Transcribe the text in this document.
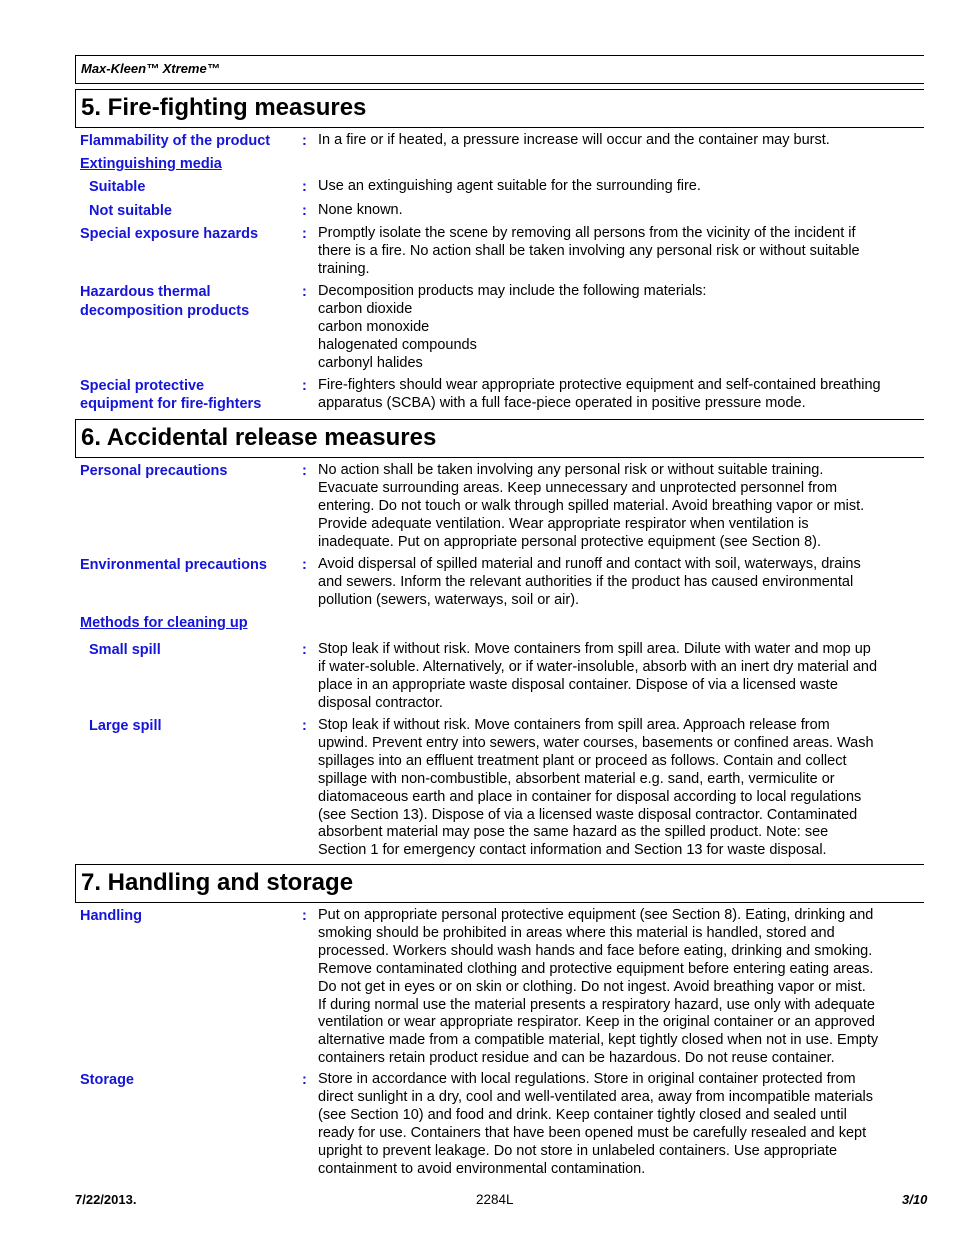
Max-Kleen™ Xtreme™
5. Fire-fighting measures
Flammability of the product : In a fire or if heated, a pressure increase will occur and the container may burst.
Extinguishing media
Suitable	: Use an extinguishing agent suitable for the surrounding fire.
Not suitable	: None known.
Special exposure hazards	: Promptly isolate the scene by removing all persons from the vicinity of the incident if
there is a fire. No action shall be taken involving any personal risk or without suitable
training.
Hazardous thermal
decomposition products
: Decomposition products may include the following materials:
carbon dioxide
carbon monoxide
halogenated compounds
carbonyl halides
Special protective
equipment for fire-fighters
: Fire-fighters should wear appropriate protective equipment and self-contained breathing
apparatus (SCBA) with a full face-piece operated in positive pressure mode.
6. Accidental release measures
Personal precautions	: No action shall be taken involving any personal risk or without suitable training.
Evacuate surrounding areas. Keep unnecessary and unprotected personnel from
entering. Do not touch or walk through spilled material. Avoid breathing vapor or mist.
Provide adequate ventilation. Wear appropriate respirator when ventilation is
inadequate. Put on appropriate personal protective equipment (see Section 8).
Environmental precautions : Avoid dispersal of spilled material and runoff and contact with soil, waterways, drains
and sewers. Inform the relevant authorities if the product has caused environmental
pollution (sewers, waterways, soil or air).
Methods for cleaning up
Small spill	: Stop leak if without risk. Move containers from spill area. Dilute with water and mop up
if water-soluble. Alternatively, or if water-insoluble, absorb with an inert dry material and
place in an appropriate waste disposal container. Dispose of via a licensed waste
disposal contractor.
Large spill	: Stop leak if without risk. Move containers from spill area. Approach release from
upwind. Prevent entry into sewers, water courses, basements or confined areas. Wash
spillages into an effluent treatment plant or proceed as follows. Contain and collect
spillage with non-combustible, absorbent material e.g. sand, earth, vermiculite or
diatomaceous earth and place in container for disposal according to local regulations
(see Section 13). Dispose of via a licensed waste disposal contractor. Contaminated
absorbent material may pose the same hazard as the spilled product. Note: see
Section 1 for emergency contact information and Section 13 for waste disposal.
7. Handling and storage
Handling	: Put on appropriate personal protective equipment (see Section 8). Eating, drinking and
smoking should be prohibited in areas where this material is handled, stored and
processed. Workers should wash hands and face before eating, drinking and smoking.
Remove contaminated clothing and protective equipment before entering eating areas.
Do not get in eyes or on skin or clothing. Do not ingest. Avoid breathing vapor or mist.
If during normal use the material presents a respiratory hazard, use only with adequate
ventilation or wear appropriate respirator. Keep in the original container or an approved
alternative made from a compatible material, kept tightly closed when not in use. Empty
containers retain product residue and can be hazardous. Do not reuse container.
Storage	: Store in accordance with local regulations. Store in original container protected from
direct sunlight in a dry, cool and well-ventilated area, away from incompatible materials
(see Section 10) and food and drink. Keep container tightly closed and sealed until
ready for use. Containers that have been opened must be carefully resealed and kept
upright to prevent leakage. Do not store in unlabeled containers. Use appropriate
containment to avoid environmental contamination.
7/22/2013.	2284L	3/10
